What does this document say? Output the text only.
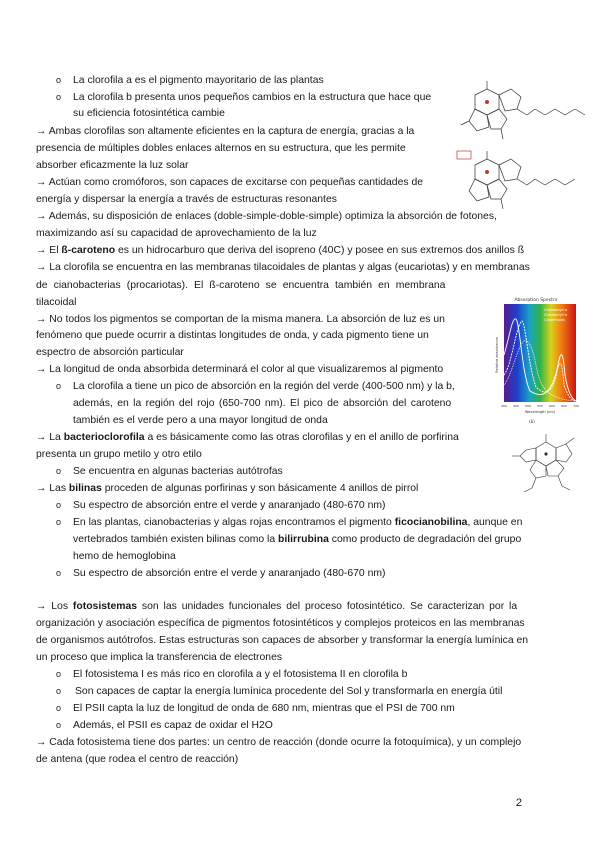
o La clorofila a es el pigmento mayoritario de las plantas
o La clorofila b presenta unos pequeños cambios en la estructura que hace que
su eficiencia fotosintética cambie
→ Ambas clorofilas son altamente eficientes en la captura de energía, gracias a la
presencia de múltiples dobles enlaces alternos en su estructura, que les permite
absorber eficazmente la luz solar
→ Actúan como cromóforos, son capaces de excitarse con pequeñas cantidades de
energía y dispersar la energía a través de estructuras resonantes
→ Además, su disposición de enlaces (doble-simple-doble-simple) optimiza la absorción de fotones,
maximizando así su capacidad de aprovechamiento de la luz
→ El ß-caroteno es un hidrocarburo que deriva del isopreno (40C) y posee en sus extremos dos anillos ß
→ La clorofila se encuentra en las membranas tilacoidales de plantas y algas (eucariotas) y en membranas
de cianobacterias (procariotas). El ß-caroteno se encuentra también en membrana
tilacoidal
→ No todos los pigmentos se comportan de la misma manera. La absorción de luz es un
fenómeno que puede ocurrir a distintas longitudes de onda, y cada pigmento tiene un
espectro de absorción particular
→ La longitud de onda absorbida determinará el color al que visualizaremos al pigmento
o La clorofila a tiene un pico de absorción en la región del verde (400-500 nm) y la b,
además, en la región del rojo (650-700 nm). El pico de absorción del caroteno
también es el verde pero a una mayor longitud de onda
→ La bacterioclorofila a es básicamente como las otras clorofilas y en el anillo de porfirina
presenta un grupo metilo y otro etilo
o Se encuentra en algunas bacterias autótrofas
→ Las bilinas proceden de algunas porfirinas y son básicamente 4 anillos de pirrol
o Su espectro de absorción entre el verde y anaranjado (480-670 nm)
o En las plantas, cianobacterias y algas rojas encontramos el pigmento ficocianobilina, aunque en
vertebrados también existen bilinas como la bilirrubina como producto de degradación del grupo
hemo de hemoglobina
o Su espectro de absorción entre el verde y anaranjado (480-670 nm)
→ Los fotosistemas son las unidades funcionales del proceso fotosintético. Se caracterizan por la
organización y asociación específica de pigmentos fotosintéticos y complejos proteicos en las membranas
de organismos autótrofos. Estas estructuras son capaces de absorber y transformar la energía lumínica en
un proceso que implica la transferencia de electrones
o El fotosistema I es más rico en clorofila a y el fotosistema II en clorofila b
o Son capaces de captar la energía lumínica procedente del Sol y transformarla en energía útil
o El PSII capta la luz de longitud de onda de 680 nm, mientras que el PSI de 700 nm
o Además, el PSII es capaz de oxidar el H2O
→ Cada fotosistema tiene dos partes: un centro de reacción (donde ocurre la fotoquímica), y un complejo
de antena (que rodea el centro de reacción)
2
Absorption Spectra
Relative absorbance
Chlorophyll a
Chlorophyll b
Carotenoids
400 450 500 550 600 650 700
Wavelength (nm)
(b)
